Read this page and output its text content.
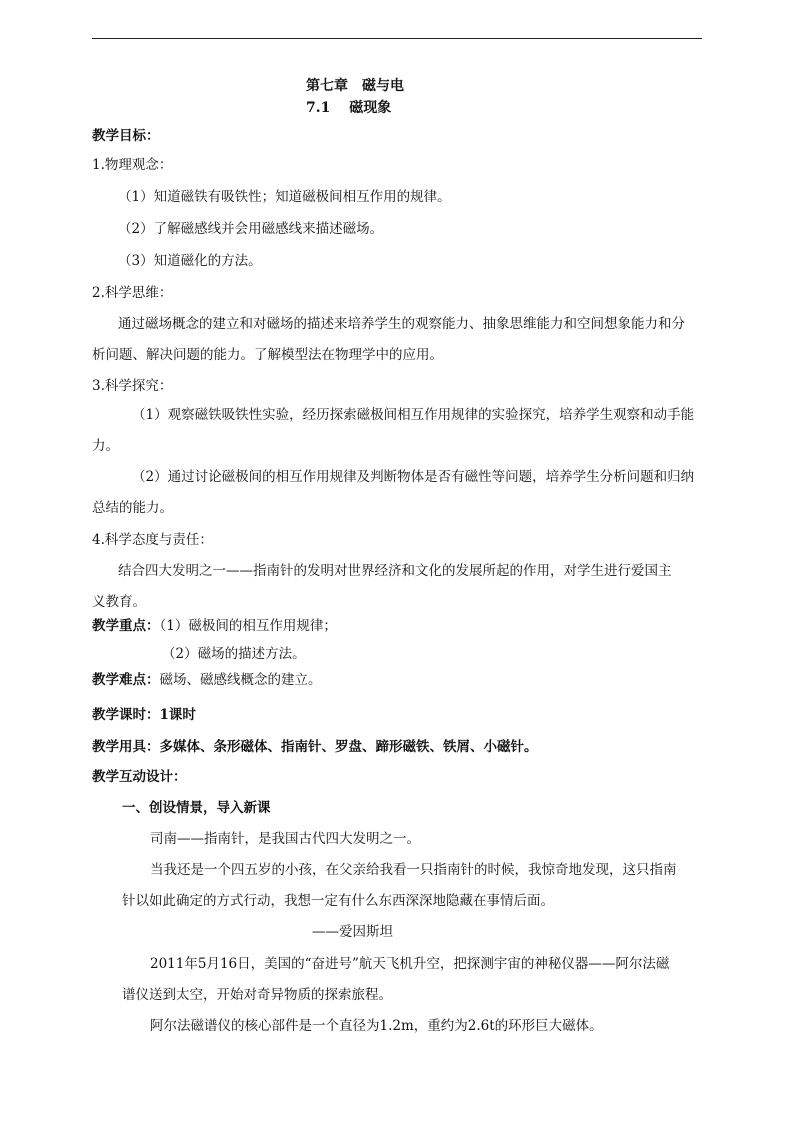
第七章　磁与电
7.1　 磁现象
教学目标：
1.物理观念：
（1）知道磁铁有吸铁性；知道磁极间相互作用的规律。
（2）了解磁感线并会用磁感线来描述磁场。
（3）知道磁化的方法。
2.科学思维：
通过磁场概念的建立和对磁场的描述来培养学生的观察能力、抽象思维能力和空间想象能力和分
析问题、解决问题的能力。了解模型法在物理学中的应用。
3.科学探究：
（1）观察磁铁吸铁性实验，经历探索磁极间相互作用规律的实验探究，培养学生观察和动手能
力。
（2）通过讨论磁极间的相互作用规律及判断物体是否有磁性等问题，培养学生分析问题和归纳
总结的能力。
4.科学态度与责任：
结合四大发明之一——指南针的发明对世界经济和文化的发展所起的作用，对学生进行爱国主
义教育。
教学重点：（1）磁极间的相互作用规律；
（2）磁场的描述方法。
教学难点：磁场、磁感线概念的建立。
教学课时：1课时
教学用具：多媒体、条形磁体、指南针、罗盘、蹄形磁铁、铁屑、小磁针。
教学互动设计：
一、创设情景，导入新课
司南——指南针，是我国古代四大发明之一。
当我还是一个四五岁的小孩，在父亲给我看一只指南针的时候，我惊奇地发现，这只指南
针以如此确定的方式行动，我想一定有什么东西深深地隐藏在事情后面。
——爱因斯坦
2011年5月16日，美国的“奋进号”航天飞机升空，把探测宇宙的神秘仪器——阿尔法磁
谱仪送到太空，开始对奇异物质的探索旅程。
阿尔法磁谱仪的核心部件是一个直径为1.2m，重约为2.6t的环形巨大磁体。
